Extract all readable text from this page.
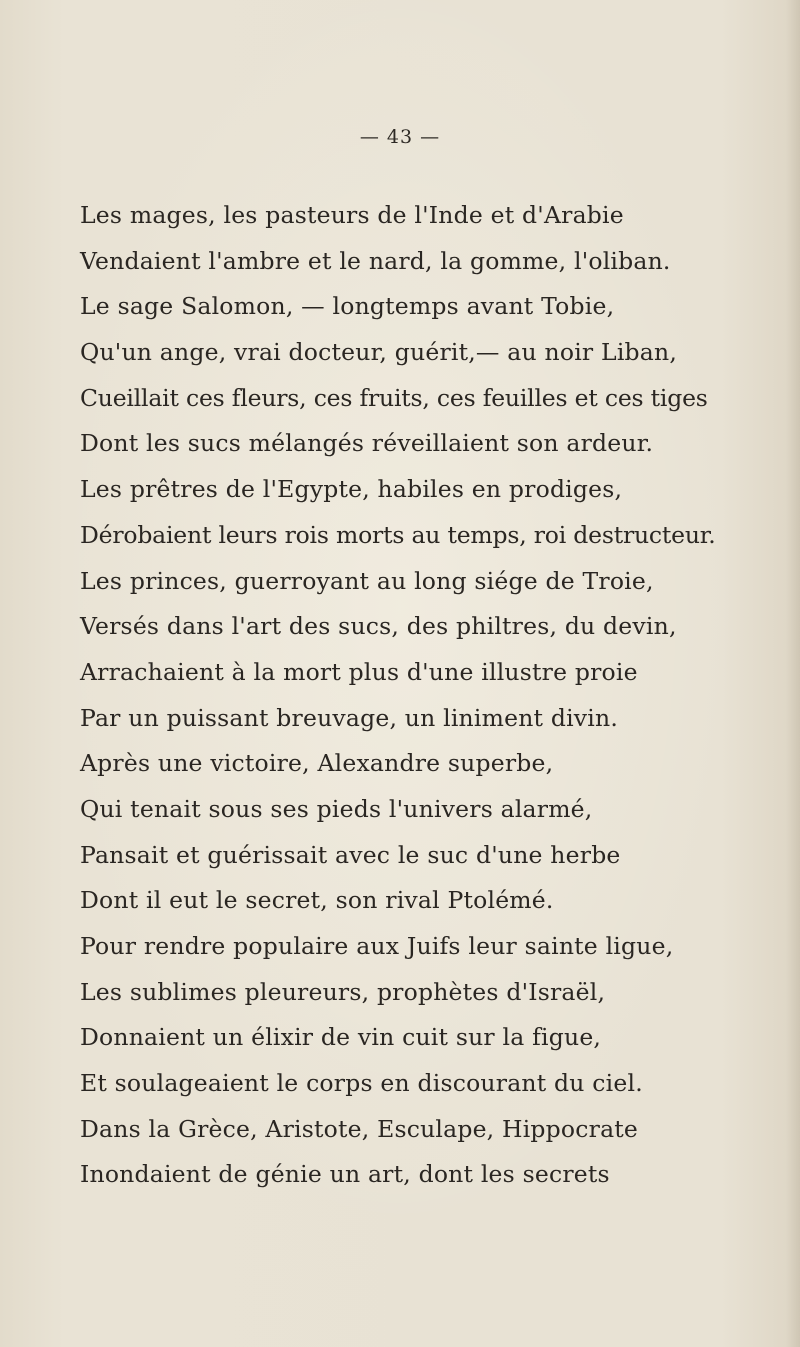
— 43 —
Les mages, les pasteurs de l'Inde et d'Arabie
Vendaient l'ambre et le nard, la gomme, l'oliban.
Le sage Salomon, — longtemps avant Tobie,
Qu'un ange, vrai docteur, guérit,— au noir Liban,
Cueillait ces fleurs, ces fruits, ces feuilles et ces tiges
Dont les sucs mélangés réveillaient son ardeur.
Les prêtres de l'Egypte, habiles en prodiges,
Dérobaient leurs rois morts au temps, roi destructeur.
Les princes, guerroyant au long siége de Troie,
Versés dans l'art des sucs, des philtres, du devin,
Arrachaient à la mort plus d'une illustre proie
Par un puissant breuvage, un liniment divin.
Après une victoire, Alexandre superbe,
Qui tenait sous ses pieds l'univers alarmé,
Pansait et guérissait avec le suc d'une herbe
Dont il eut le secret, son rival Ptolémé.
Pour rendre populaire aux Juifs leur sainte ligue,
Les sublimes pleureurs, prophètes d'Israël,
Donnaient un élixir de vin cuit sur la figue,
Et soulageaient le corps en discourant du ciel.
Dans la Grèce, Aristote, Esculape, Hippocrate
Inondaient de génie un art, dont les secrets
